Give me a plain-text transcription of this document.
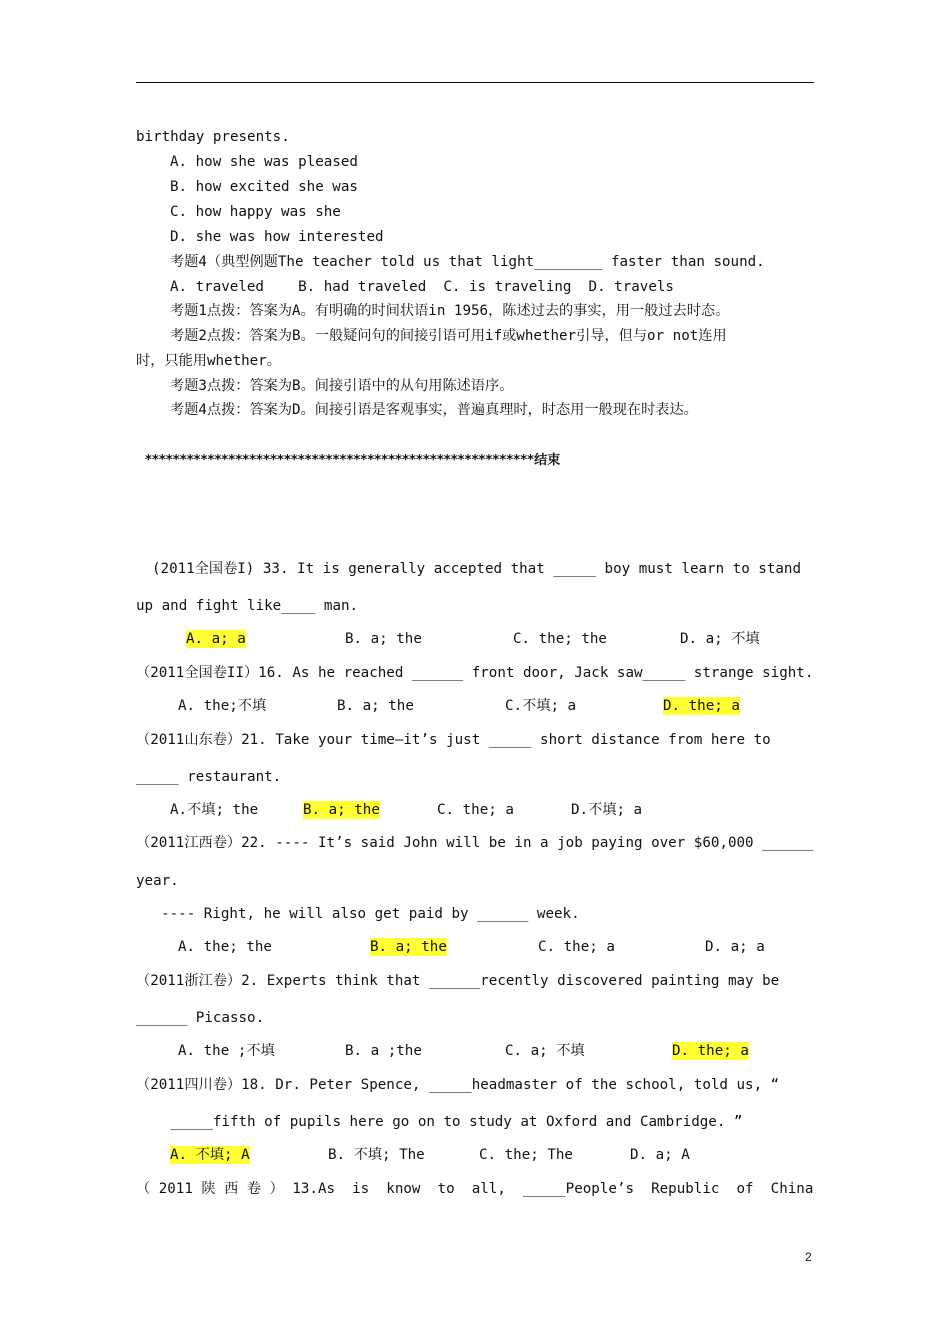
birthday presents.
A. how she was pleased
B. how excited she was
C. how happy was she
D. she was how interested
考题4（典型例题The teacher told us that light________ faster than sound.
A. traveled    B. had traveled  C. is traveling  D. travels
考题1点拨：答案为A。有明确的时间状语in 1956，陈述过去的事实，用一般过去时态。
考题2点拨：答案为B。一般疑问句的间接引语可用if或whether引导，但与or not连用
时，只能用whether。
考题3点拨：答案为B。间接引语中的从句用陈述语序。
考题4点拨：答案为D。间接引语是客观事实，普遍真理时，时态用一般现在时表达。
********************************************************结束
(2011全国卷I) 33. It is generally accepted that _____ boy must learn to stand
up and fight like____ man.
A. a; a	B. a; the	C. the; the	D. a; 不填
（2011全国卷II）16. As he reached ______ front door, Jack saw_____ strange sight.
A. the;不填	B. a; the	C.不填; a	D. the; a
（2011山东卷）21. Take your time—it’s just _____ short distance from here to
_____ restaurant.
A.不填; the	B. a; the	C. the; a	D.不填; a
（2011江西卷）22. ---- It’s said John will be in a job paying over $60,000 ______
year.
---- Right, he will also get paid by ______ week.
A. the; the	B. a; the	C. the; a	D. a; a
（2011浙江卷）2. Experts think that ______recently discovered painting may be
______ Picasso.
A. the ;不填	B. a ;the	C. a; 不填	D. the; a
（2011四川卷）18. Dr. Peter Spence, _____headmaster of the school, told us, “
_____fifth of pupils here go on to study at Oxford and Cambridge. ”
A. 不填; A	B. 不填; The	C. the; The	D. a; A
（ 2011 陕 西 卷 ） 13.As  is  know  to  all,  _____People’s  Republic  of  China
2
